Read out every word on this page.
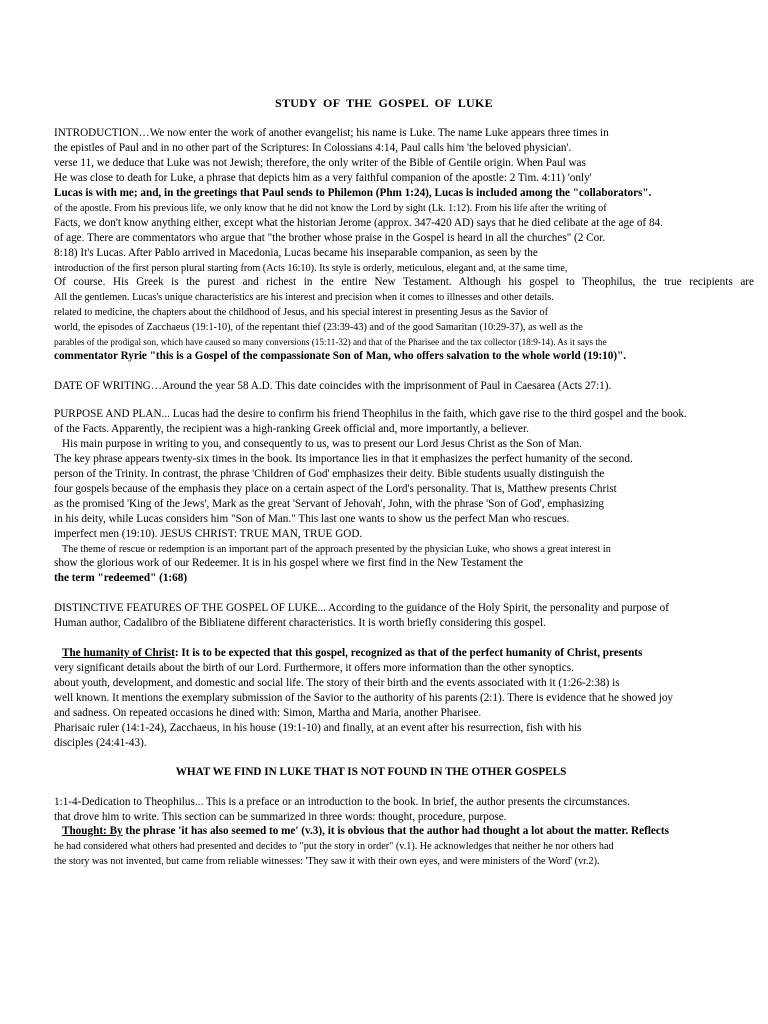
STUDY OF THE GOSPEL OF LUKE
INTRODUCTION…We now enter the work of another evangelist; his name is Luke. The name Luke appears three times in
the epistles of Paul and in no other part of the Scriptures: In Colossians 4:14, Paul calls him 'the beloved physician'.
verse 11, we deduce that Luke was not Jewish; therefore, the only writer of the Bible of Gentile origin. When Paul was
He was close to death for Luke, a phrase that depicts him as a very faithful companion of the apostle: 2 Tim. 4:11) 'only'
Lucas is with me; and, in the greetings that Paul sends to Philemon (Phm 1:24), Lucas is included among the "collaborators".
of the apostle. From his previous life, we only know that he did not know the Lord by sight (Lk. 1:12). From his life after the writing of
Facts, we don't know anything either, except what the historian Jerome (approx. 347-420 AD) says that he died celibate at the age of 84.
of age. There are commentators who argue that "the brother whose praise in the Gospel is heard in all the churches" (2 Cor.
8:18) It's Lucas. After Pablo arrived in Macedonia, Lucas became his inseparable companion, as seen by the
introduction of the first person plural starting from (Acts 16:10). Its style is orderly, meticulous, elegant and, at the same time,
Of course. His Greek is the purest and richest in the entire New Testament. Although his gospel to Theophilus, the true recipients are
All the gentlemen. Lucas's unique characteristics are his interest and precision when it comes to illnesses and other details.
related to medicine, the chapters about the childhood of Jesus, and his special interest in presenting Jesus as the Savior of
world, the episodes of Zacchaeus (19:1-10), of the repentant thief (23:39-43) and of the good Samaritan (10:29-37), as well as the
parables of the prodigal son, which have caused so many conversions (15:11-32) and that of the Pharisee and the tax collector (18:9-14). As it says the
commentator Ryrie "this is a Gospel of the compassionate Son of Man, who offers salvation to the whole world (19:10)".
DATE OF WRITING…Around the year 58 A.D. This date coincides with the imprisonment of Paul in Caesarea (Acts 27:1).
PURPOSE AND PLAN... Lucas had the desire to confirm his friend Theophilus in the faith, which gave rise to the third gospel and the book.
of the Facts. Apparently, the recipient was a high-ranking Greek official and, more importantly, a believer.
His main purpose in writing to you, and consequently to us, was to present our Lord Jesus Christ as the Son of Man.
The key phrase appears twenty-six times in the book. Its importance lies in that it emphasizes the perfect humanity of the second.
person of the Trinity. In contrast, the phrase 'Children of God' emphasizes their deity. Bible students usually distinguish the
four gospels because of the emphasis they place on a certain aspect of the Lord's personality. That is, Matthew presents Christ
as the promised 'King of the Jews', Mark as the great 'Servant of Jehovah', John, with the phrase 'Son of God', emphasizing
in his deity, while Lucas considers him "Son of Man." This last one wants to show us the perfect Man who rescues.
imperfect men (19:10). JESUS CHRIST: TRUE MAN, TRUE GOD.
The theme of rescue or redemption is an important part of the approach presented by the physician Luke, who shows a great interest in
show the glorious work of our Redeemer. It is in his gospel where we first find in the New Testament the
the term "redeemed" (1:68)
DISTINCTIVE FEATURES OF THE GOSPEL OF LUKE... According to the guidance of the Holy Spirit, the personality and purpose of
Human author, Cadalibro of the Bibliatene different characteristics. It is worth briefly considering this gospel.
The humanity of Christ: It is to be expected that this gospel, recognized as that of the perfect humanity of Christ, presents
very significant details about the birth of our Lord. Furthermore, it offers more information than the other synoptics.
about youth, development, and domestic and social life. The story of their birth and the events associated with it (1:26-2:38) is
well known. It mentions the exemplary submission of the Savior to the authority of his parents (2:1). There is evidence that he showed joy
and sadness. On repeated occasions he dined with: Simon, Martha and Maria, another Pharisee.
Pharisaic ruler (14:1-24), Zacchaeus, in his house (19:1-10) and finally, at an event after his resurrection, fish with his
disciples (24:41-43).
WHAT WE FIND IN LUKE THAT IS NOT FOUND IN THE OTHER GOSPELS
1:1-4-Dedication to Theophilus... This is a preface or an introduction to the book. In brief, the author presents the circumstances.
that drove him to write. This section can be summarized in three words: thought, procedure, purpose.
Thought: By the phrase 'it has also seemed to me' (v.3), it is obvious that the author had thought a lot about the matter. Reflects
he had considered what others had presented and decides to "put the story in order" (v.1). He acknowledges that neither he nor others had
the story was not invented, but came from reliable witnesses: 'They saw it with their own eyes, and were ministers of the Word' (vr.2).
